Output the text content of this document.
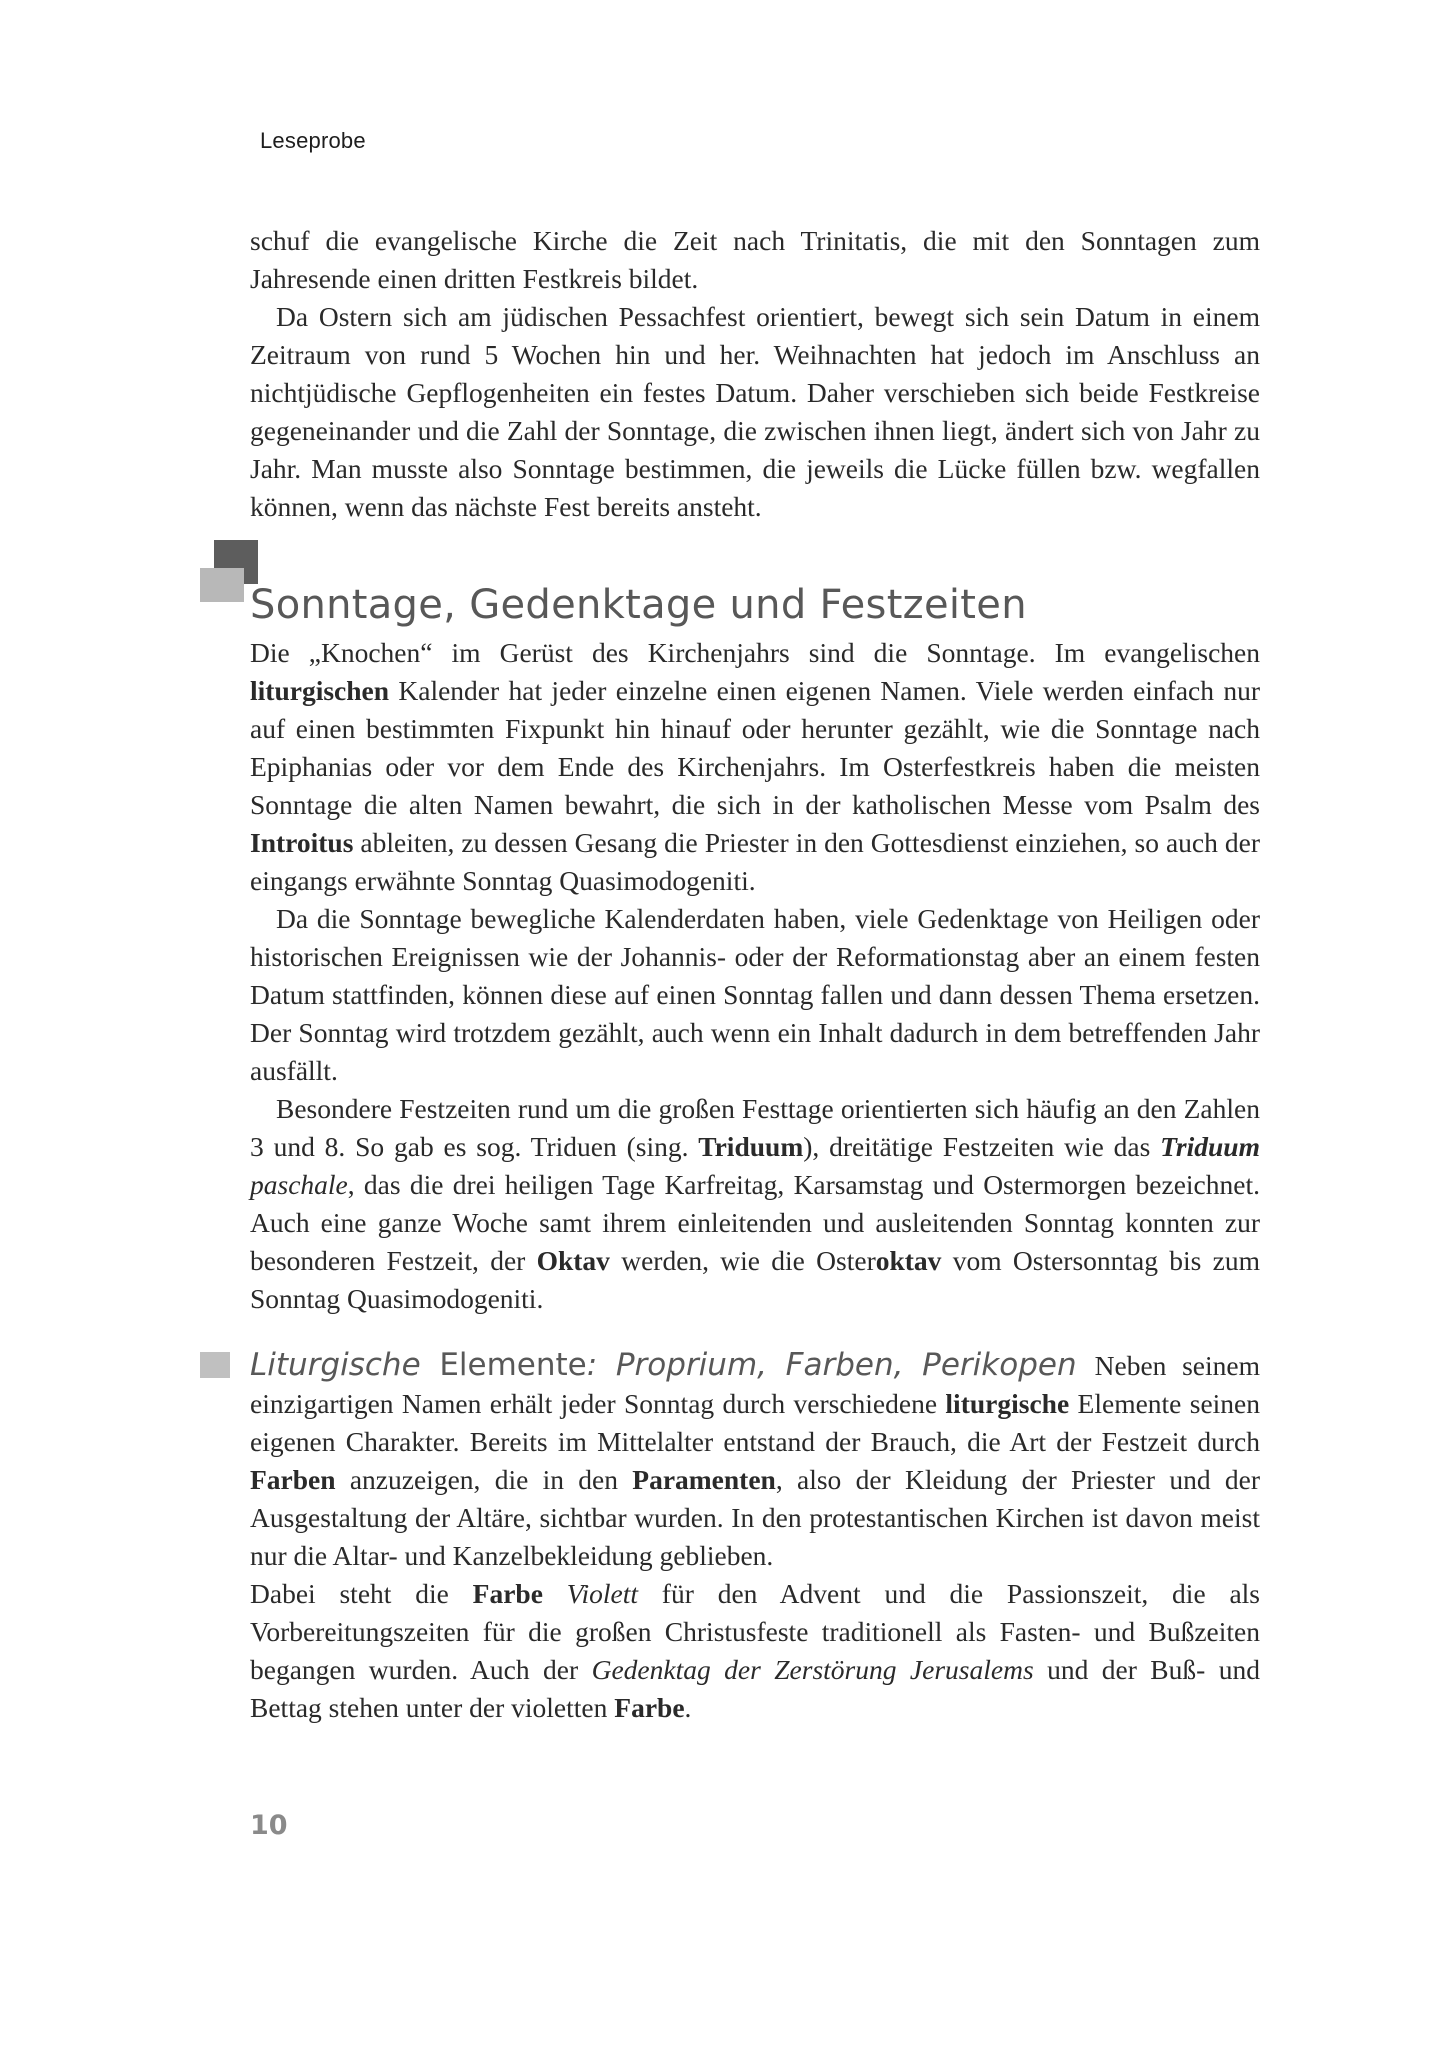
Leseprobe

schuf die evangelische Kirche die Zeit nach Trinitatis, die mit den Sonntagen zum Jahresende einen dritten Festkreis bildet.

Da Ostern sich am jüdischen Pessachfest orientiert, bewegt sich sein Datum in einem Zeitraum von rund 5 Wochen hin und her. Weihnachten hat jedoch im Anschluss an nichtjüdische Gepflogenheiten ein festes Datum. Daher verschieben sich beide Festkreise gegeneinander und die Zahl der Sonntage, die zwischen ihnen liegt, ändert sich von Jahr zu Jahr. Man musste also Sonntage bestimmen, die jeweils die Lücke füllen bzw. wegfallen können, wenn das nächste Fest bereits ansteht.

Sonntage, Gedenktage und Festzeiten

Die „Knochen“ im Gerüst des Kirchenjahrs sind die Sonntage. Im evangelischen liturgischen Kalender hat jeder einzelne einen eigenen Namen. Viele werden einfach nur auf einen bestimmten Fixpunkt hin hinauf oder herunter gezählt, wie die Sonntage nach Epiphanias oder vor dem Ende des Kirchenjahrs. Im Osterfestkreis haben die meisten Sonntage die alten Namen bewahrt, die sich in der katholischen Messe vom Psalm des Introitus ableiten, zu dessen Gesang die Priester in den Gottesdienst einziehen, so auch der eingangs erwähnte Sonntag Quasimodogeniti.

Da die Sonntage bewegliche Kalenderdaten haben, viele Gedenktage von Heiligen oder historischen Ereignissen wie der Johannis- oder der Reformationstag aber an einem festen Datum stattfinden, können diese auf einen Sonntag fallen und dann dessen Thema ersetzen. Der Sonntag wird trotzdem gezählt, auch wenn ein Inhalt dadurch in dem betreffenden Jahr ausfällt.

Besondere Festzeiten rund um die großen Festtage orientierten sich häufig an den Zahlen 3 und 8. So gab es sog. Triduen (sing. Triduum), dreitätige Festzeiten wie das Triduum paschale, das die drei heiligen Tage Karfreitag, Karsamstag und Ostermorgen bezeichnet. Auch eine ganze Woche samt ihrem einleitenden und ausleitenden Sonntag konnten zur besonderen Festzeit, der Oktav werden, wie die Osteroktav vom Ostersonntag bis zum Sonntag Quasimodogeniti.

Liturgische Elemente: Proprium, Farben, Perikopen Neben seinem einzigartigen Namen erhält jeder Sonntag durch verschiedene liturgische Elemente seinen eigenen Charakter. Bereits im Mittelalter entstand der Brauch, die Art der Festzeit durch Farben anzuzeigen, die in den Paramenten, also der Kleidung der Priester und der Ausgestaltung der Altäre, sichtbar wurden. In den protestantischen Kirchen ist davon meist nur die Altar- und Kanzelbekleidung geblieben.

Dabei steht die Farbe Violett für den Advent und die Passionszeit, die als Vorbereitungszeiten für die großen Christusfeste traditionell als Fasten- und Bußzeiten begangen wurden. Auch der Gedenktag der Zerstörung Jerusalems und der Buß- und Bettag stehen unter der violetten Farbe.

10
